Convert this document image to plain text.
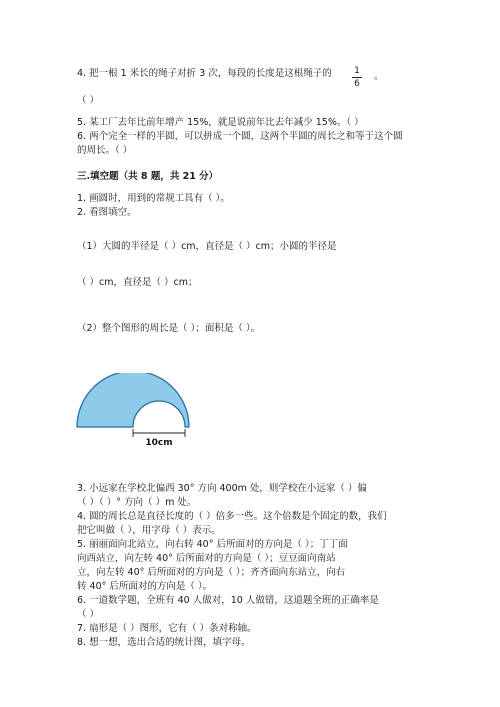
4. 把一根 1 米长的绳子对折 3 次，每段的长度是这根绳子的	1
6
。
（ ）
5. 某工厂去年比前年增产 15%，就是说前年比去年减少 15%。（ ）
6. 两个完全一样的半圆，可以拼成一个圆，这两个半圆的周长之和等于这个圆
的周长。（ ）
三.填空题（共 8 题，共 21 分）
1. 画圆时，用到的常规工具有（ ）。
2. 看图填空。
（1）大圆的半径是（ ）cm，直径是（ ）cm；小圆的半径是
（ ）cm，直径是（ ）cm；
（2）整个图形的周长是（ ）；面积是（ ）。
10cm
3. 小远家在学校北偏西 30° 方向 400m 处，则学校在小远家（ ）偏
（ ）（ ）° 方向（ ）m 处。
4. 圆的周长总是直径长度的（ ）倍多一些。这个倍数是个固定的数，我们
把它叫做（ ），用字母（ ）表示。
5. 丽丽面向北站立，向右转 40° 后所面对的方向是（ ）；丁丁面
向西站立，向左转 40° 后所面对的方向是（ ）；豆豆面向南站
立，向左转 40° 后所面对的方向是（ ）；齐齐面向东站立，向右
转 40° 后所面对的方向是（ ）。
6. 一道数学题，全班有 40 人做对，10 人做错，这道题全班的正确率是
（ ）
7. 扇形是（ ）图形，它有（ ）条对称轴。
8. 想一想，选出合适的统计图，填字母。
